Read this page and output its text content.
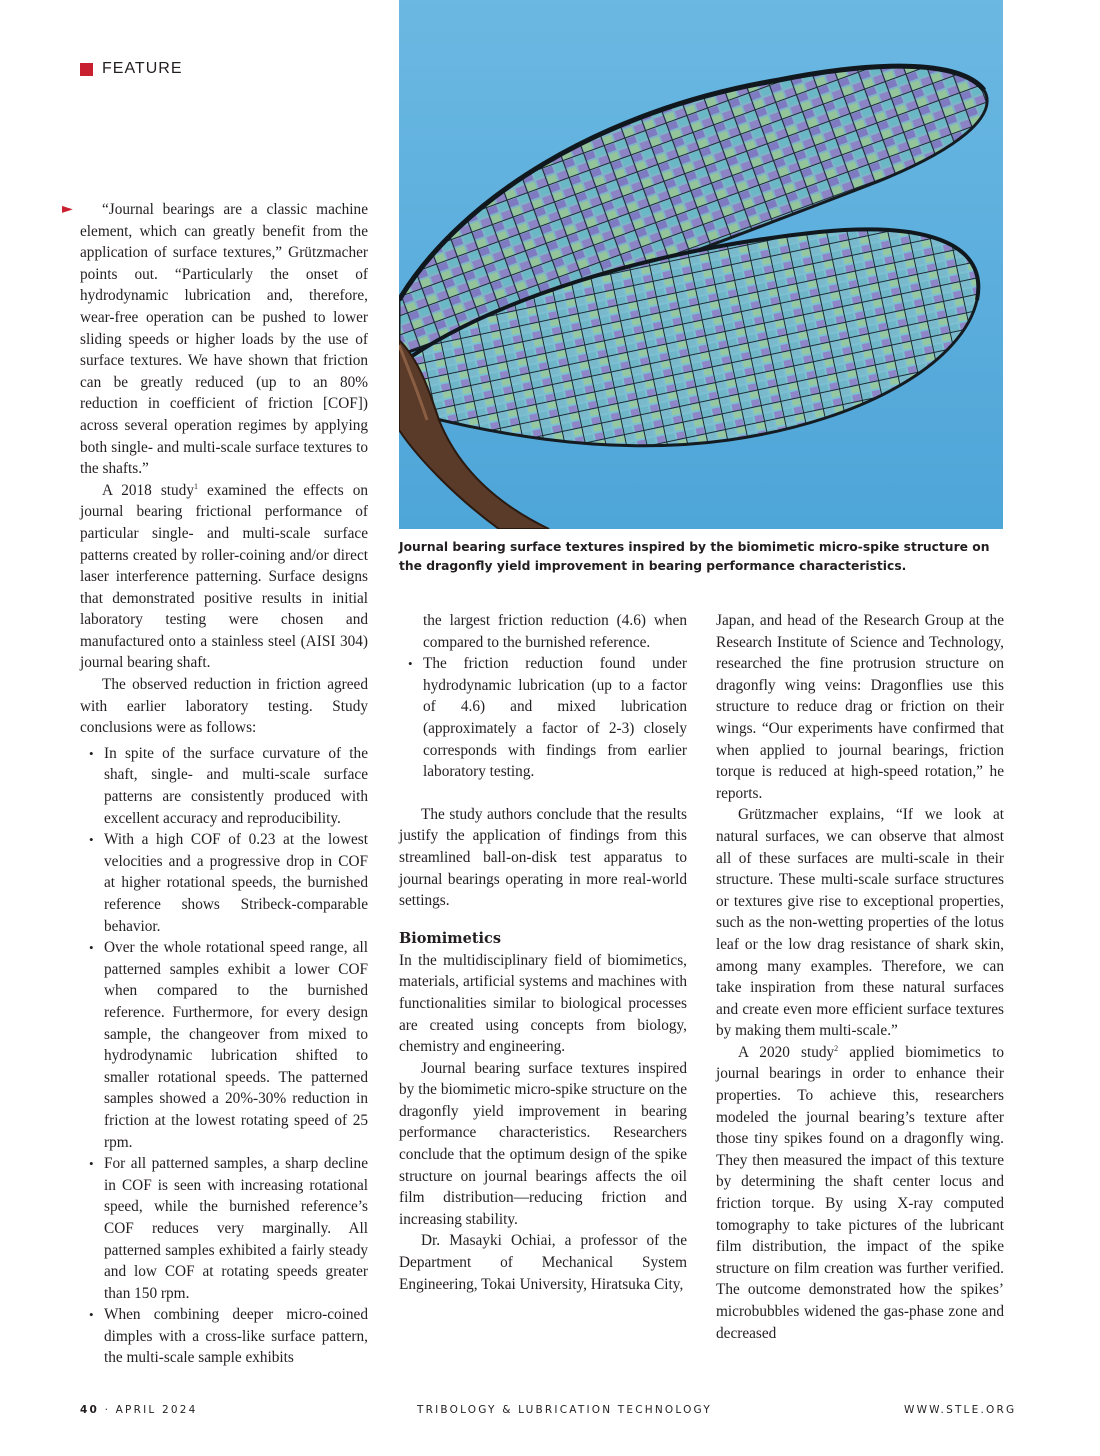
FEATURE
Journal bearing surface textures inspired by the biomimetic micro-spike structure on the dragonfly yield improvement in bearing performance characteristics.
►	“Journal bearings are a classic machine element, which can greatly benefit from the application of surface textures,” Grützmacher points out. “Particularly the onset of hydrodynamic lubrication and, therefore, wear-free operation can be pushed to lower sliding speeds or higher loads by the use of surface textures. We have shown that friction can be greatly reduced (up to an 80% reduction in coefficient of friction [COF]) across several operation regimes by applying both single- and multi-scale surface textures to the shafts.”

A 2018 study$^1$ examined the effects on journal bearing frictional performance of particular single- and multi-scale surface patterns created by roller-coining and/or direct laser interference patterning. Surface designs that demonstrated positive results in initial laboratory testing were chosen and manufactured onto a stainless steel (AISI 304) journal bearing shaft.

The observed reduction in friction agreed with earlier laboratory testing. Study conclusions were as follows:

• In spite of the surface curvature of the shaft, single- and multi-scale surface patterns are consistently produced with excellent accuracy and reproducibility.
• With a high COF of 0.23 at the lowest velocities and a progressive drop in COF at higher rotational speeds, the burnished reference shows Stribeck-comparable behavior.
• Over the whole rotational speed range, all patterned samples exhibit a lower COF when compared to the burnished reference. Furthermore, for every design sample, the changeover from mixed to hydrodynamic lubrication shifted to smaller rotational speeds. The patterned samples showed a 20%-30% reduction in friction at the lowest rotating speed of 25 rpm.
• For all patterned samples, a sharp decline in COF is seen with increasing rotational speed, while the burnished reference’s COF reduces very marginally. All patterned samples exhibited a fairly steady and low COF at rotating speeds greater than 150 rpm.
• When combining deeper micro-coined dimples with a cross-like surface pattern, the multi-scale sample exhibits
the largest friction reduction (4.6) when compared to the burnished reference.
• The friction reduction found under hydrodynamic lubrication (up to a factor of 4.6) and mixed lubrication (approximately a factor of 2-3) closely corresponds with findings from earlier laboratory testing.

The study authors conclude that the results justify the application of findings from this streamlined ball-on-disk test apparatus to journal bearings operating in more real-world settings.

Biomimetics

In the multidisciplinary field of biomimetics, materials, artificial systems and machines with functionalities similar to biological processes are created using concepts from biology, chemistry and engineering.

Journal bearing surface textures inspired by the biomimetic micro-spike structure on the dragonfly yield improvement in bearing performance characteristics. Researchers conclude that the optimum design of the spike structure on journal bearings affects the oil film distribution—reducing friction and increasing stability.

Dr. Masayki Ochiai, a professor of the Department of Mechanical System Engineering, Tokai University, Hiratsuka City,

Japan, and head of the Research Group at the Research Institute of Science and Technology, researched the fine protrusion structure on dragonfly wing veins: Dragonflies use this structure to reduce drag or friction on their wings. “Our experiments have confirmed that when applied to journal bearings, friction torque is reduced at high-speed rotation,” he reports.

Grützmacher explains, “If we look at natural surfaces, we can observe that almost all of these surfaces are multi-scale in their structure. These multi-scale surface structures or textures give rise to exceptional properties, such as the non-wetting properties of the lotus leaf or the low drag resistance of shark skin, among many examples. Therefore, we can take inspiration from these natural surfaces and create even more efficient surface textures by making them multi-scale.”

A 2020 study$^2$ applied biomimetics to journal bearings in order to enhance their properties. To achieve this, researchers modeled the journal bearing’s texture after those tiny spikes found on a dragonfly wing. They then measured the impact of this texture by determining the shaft center locus and friction torque. By using X-ray computed tomography to take pictures of the lubricant film distribution, the impact of the spike structure on film creation was further verified. The outcome demonstrated how the spikes’ microbubbles widened the gas-phase zone and decreased

40 · APRIL 2024	TRIBOLOGY & LUBRICATION TECHNOLOGY	WWW.STLE.ORG
